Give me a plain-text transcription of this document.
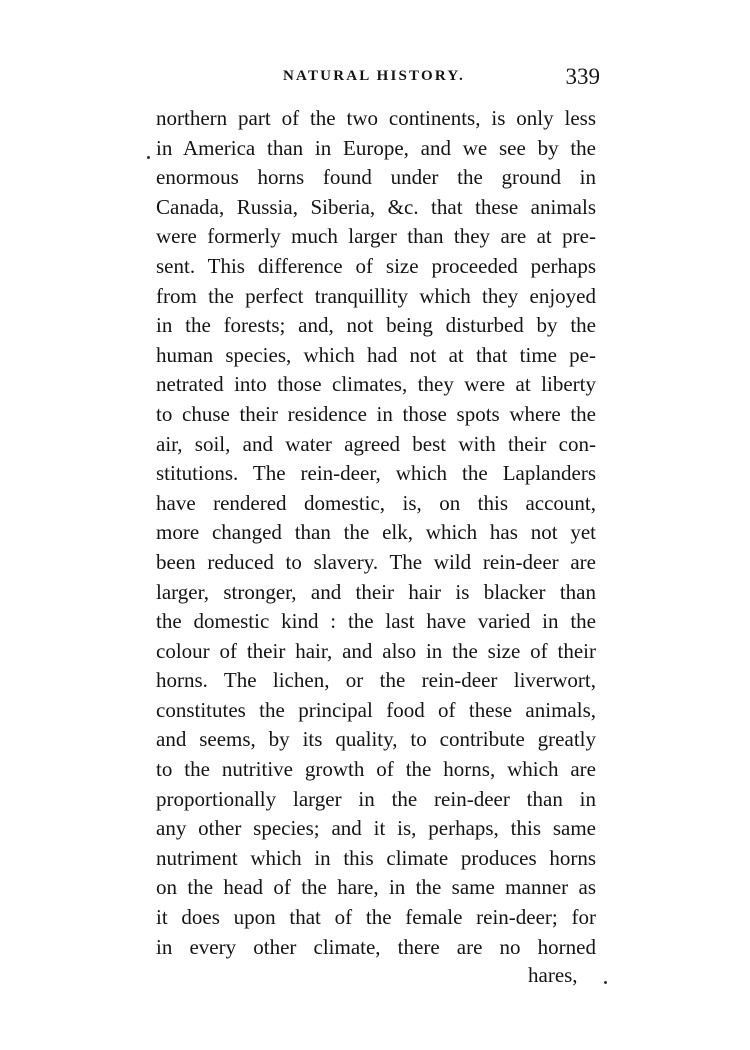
NATURAL HISTORY.	339
northern part of the two continents, is only less
in America than in Europe, and we see by the
enormous horns found under the ground in
Canada, Russia, Siberia, &c. that these animals
were formerly much larger than they are at pre-
sent. This difference of size proceeded perhaps
from the perfect tranquillity which they enjoyed
in the forests; and, not being disturbed by the
human species, which had not at that time pe-
netrated into those climates, they were at liberty
to chuse their residence in those spots where the
air, soil, and water agreed best with their con-
stitutions. The rein-deer, which the Laplanders
have rendered domestic, is, on this account,
more changed than the elk, which has not yet
been reduced to slavery. The wild rein-deer are
larger, stronger, and their hair is blacker than
the domestic kind : the last have varied in the
colour of their hair, and also in the size of their
horns. The lichen, or the rein-deer liverwort,
constitutes the principal food of these animals,
and seems, by its quality, to contribute greatly
to the nutritive growth of the horns, which are
proportionally larger in the rein-deer than in
any other species; and it is, perhaps, this same
nutriment which in this climate produces horns
on the head of the hare, in the same manner as
it does upon that of the female rein-deer; for
in every other climate, there are no horned
hares,
